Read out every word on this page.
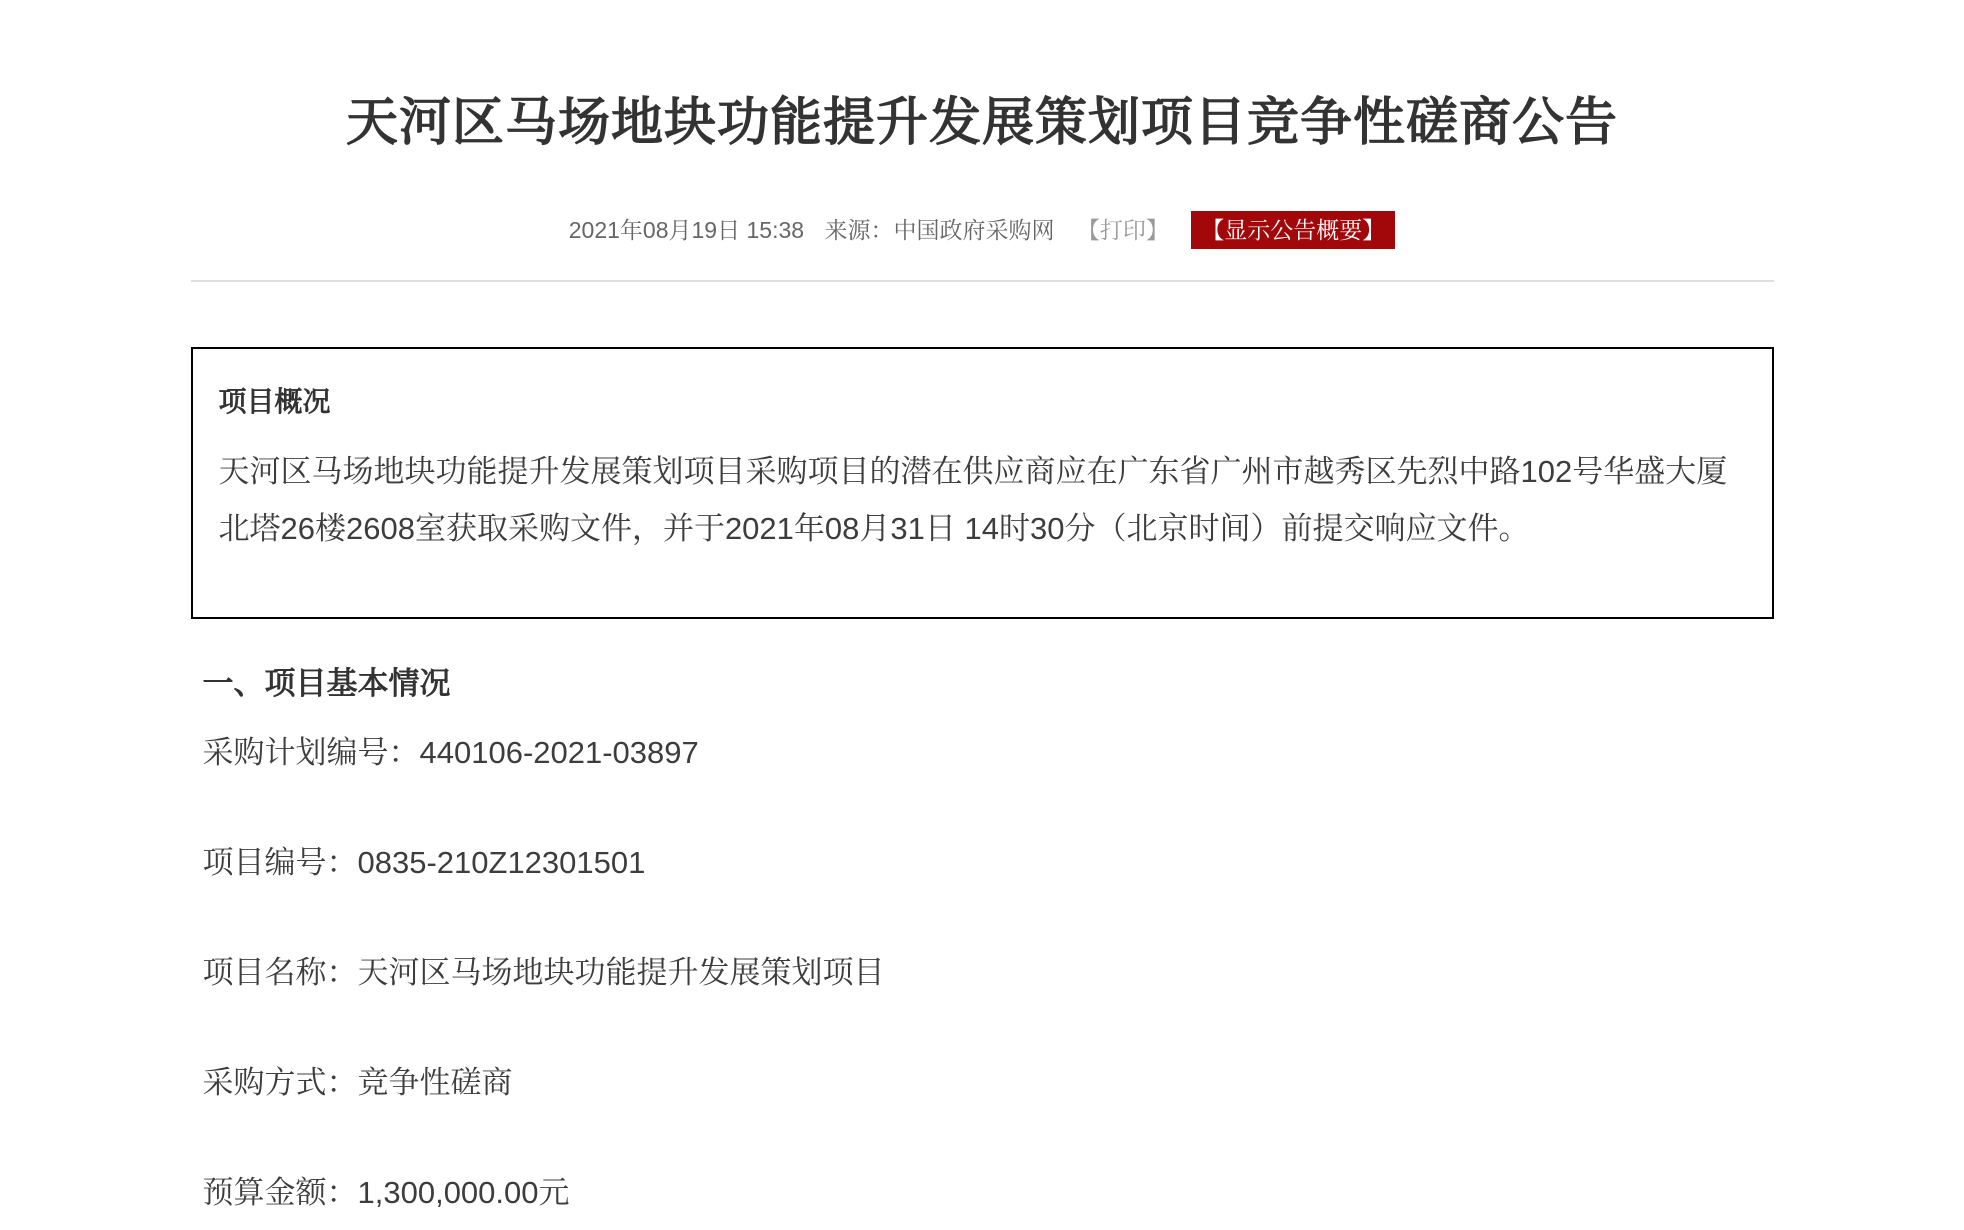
天河区马场地块功能提升发展策划项目竞争性磋商公告
2021年08月19日 15:38 来源：中国政府采购网 【打印】 【显示公告概要】
项目概况

天河区马场地块功能提升发展策划项目采购项目的潜在供应商应在广东省广州市越秀区先烈中路102号华盛大厦北塔26楼2608室获取采购文件，并于2021年08月31日 14时30分（北京时间）前提交响应文件。

一、项目基本情况

采购计划编号：440106-2021-03897

项目编号：0835-210Z12301501

项目名称：天河区马场地块功能提升发展策划项目

采购方式：竞争性磋商

预算金额：1,300,000.00元
